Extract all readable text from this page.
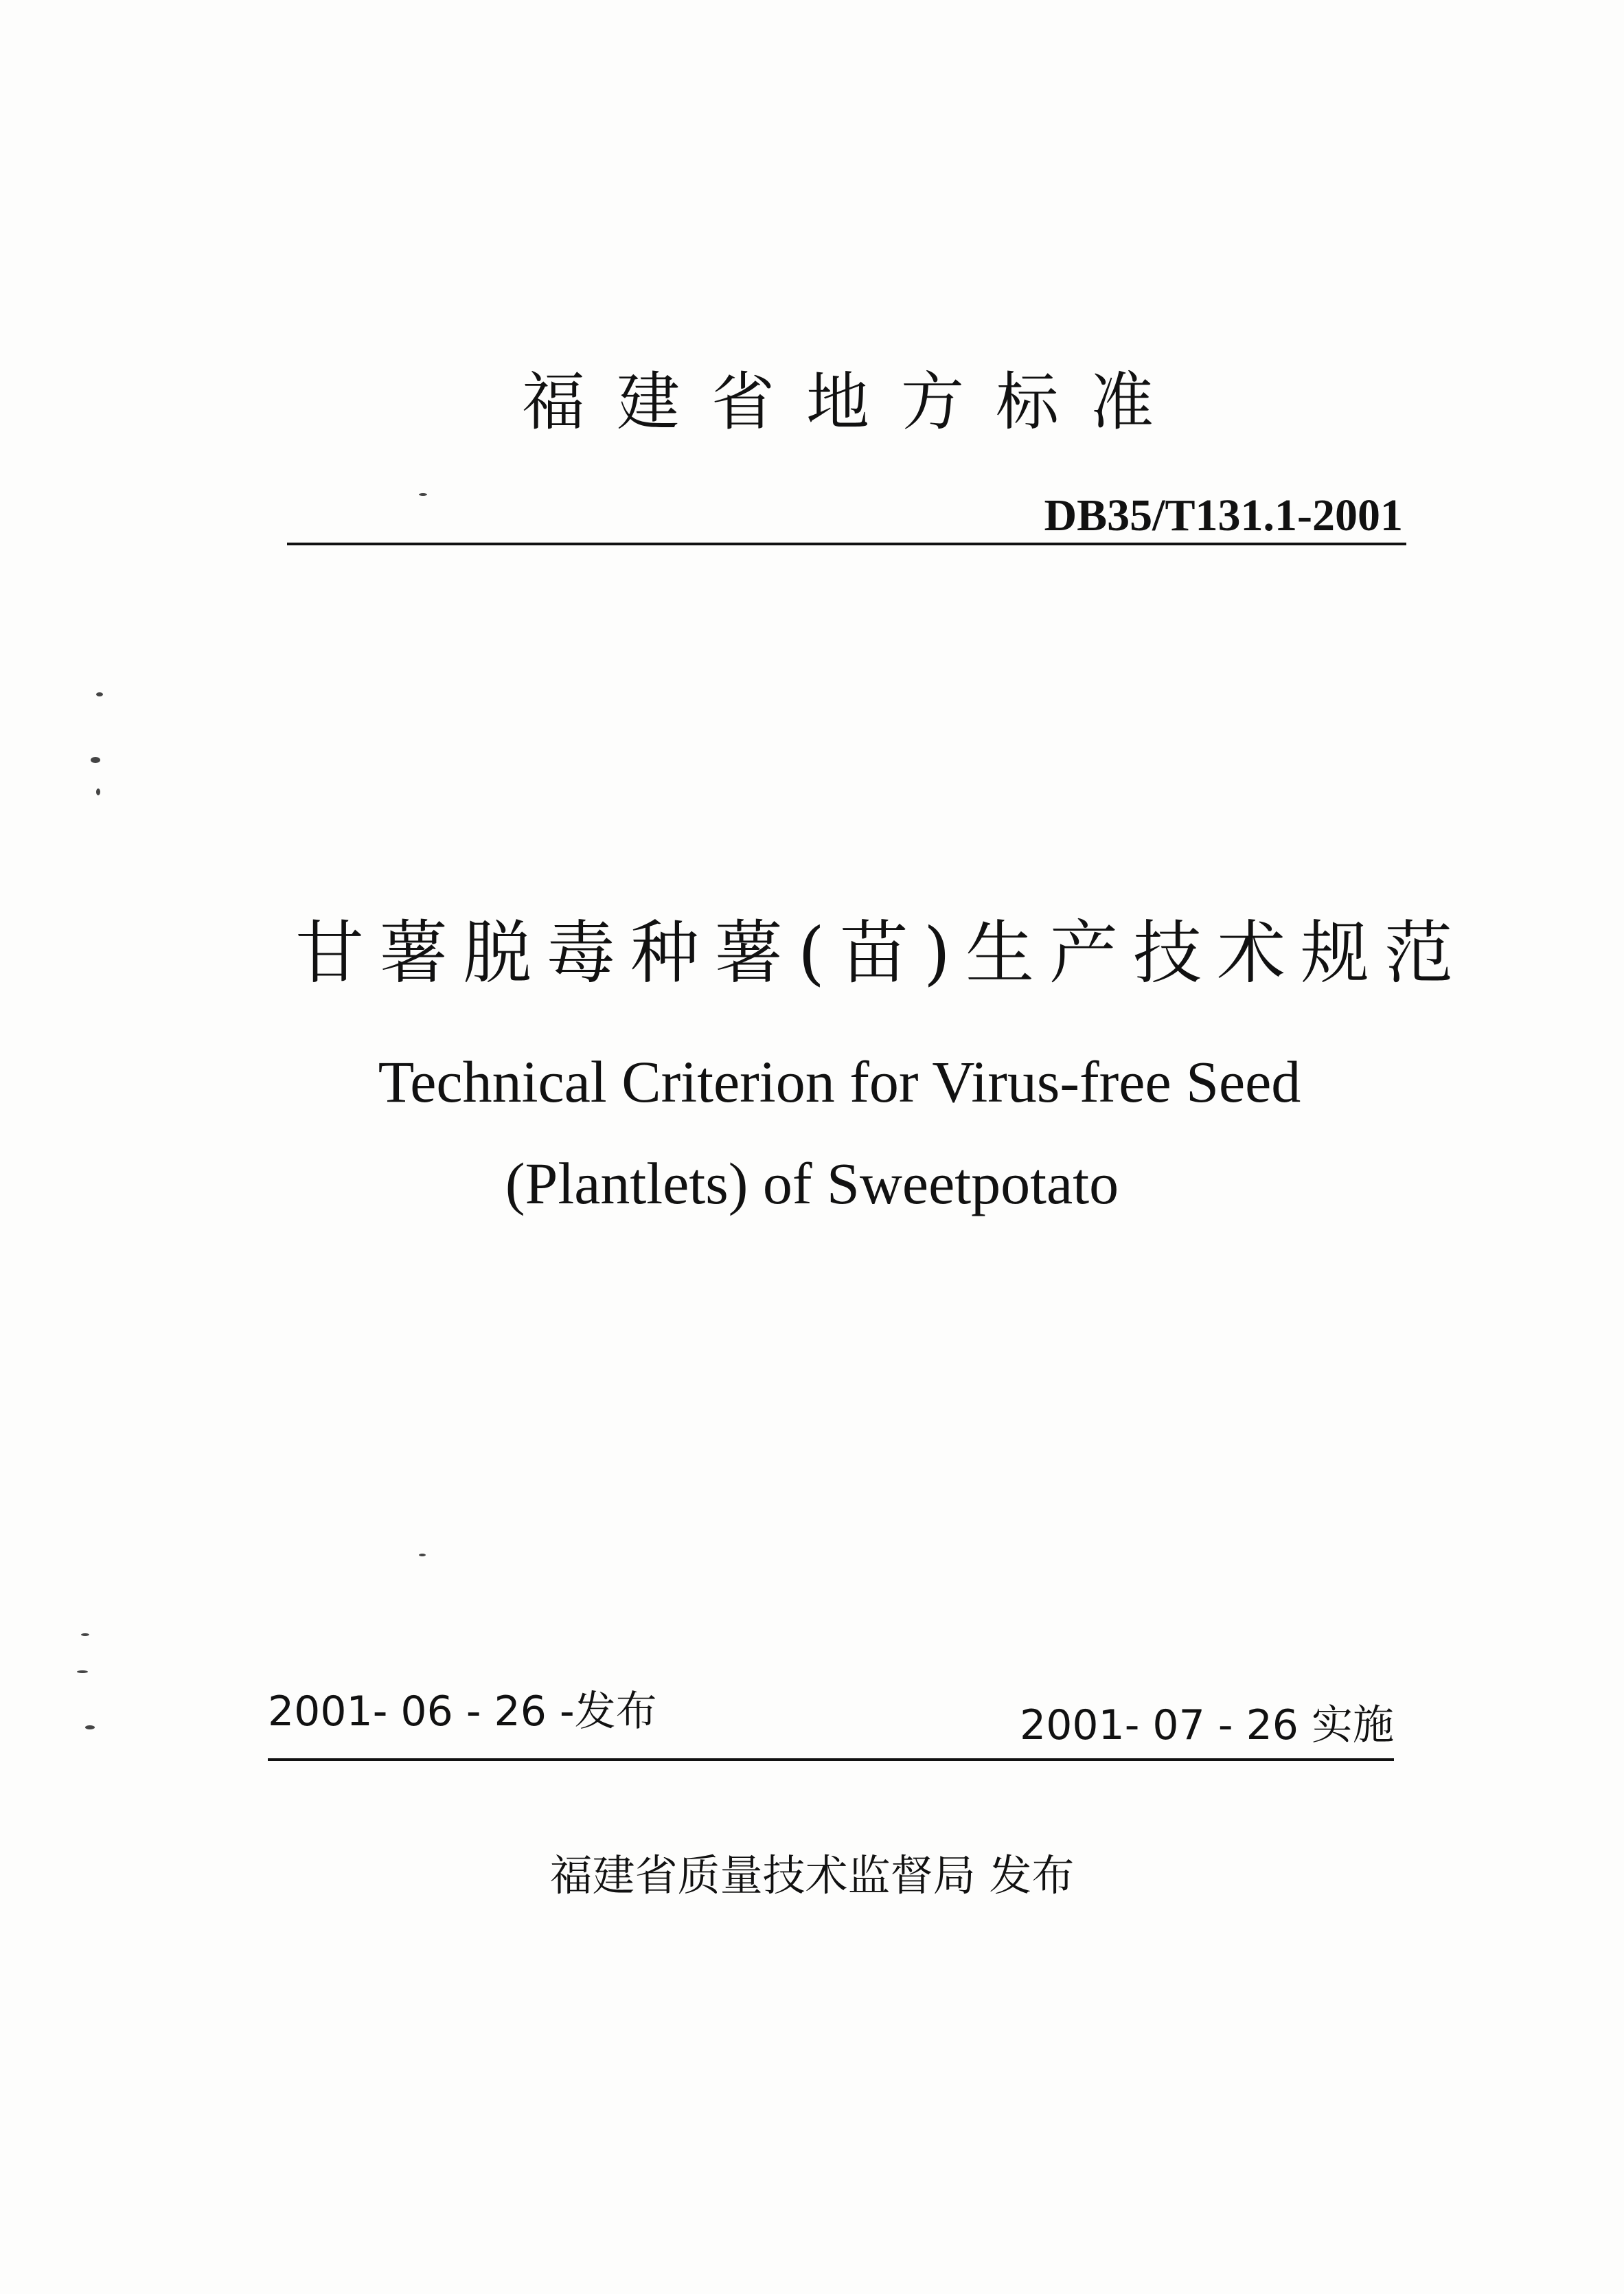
福建省地方标准
DB35/T131.1-2001
甘薯脱毒种薯(苗)生产技术规范
Technical Criterion for Virus-free Seed
(Plantlets) of Sweetpotato
2001- 06 - 26 -发布	2001- 07 - 26 实施
福建省质量技术监督局 发布
